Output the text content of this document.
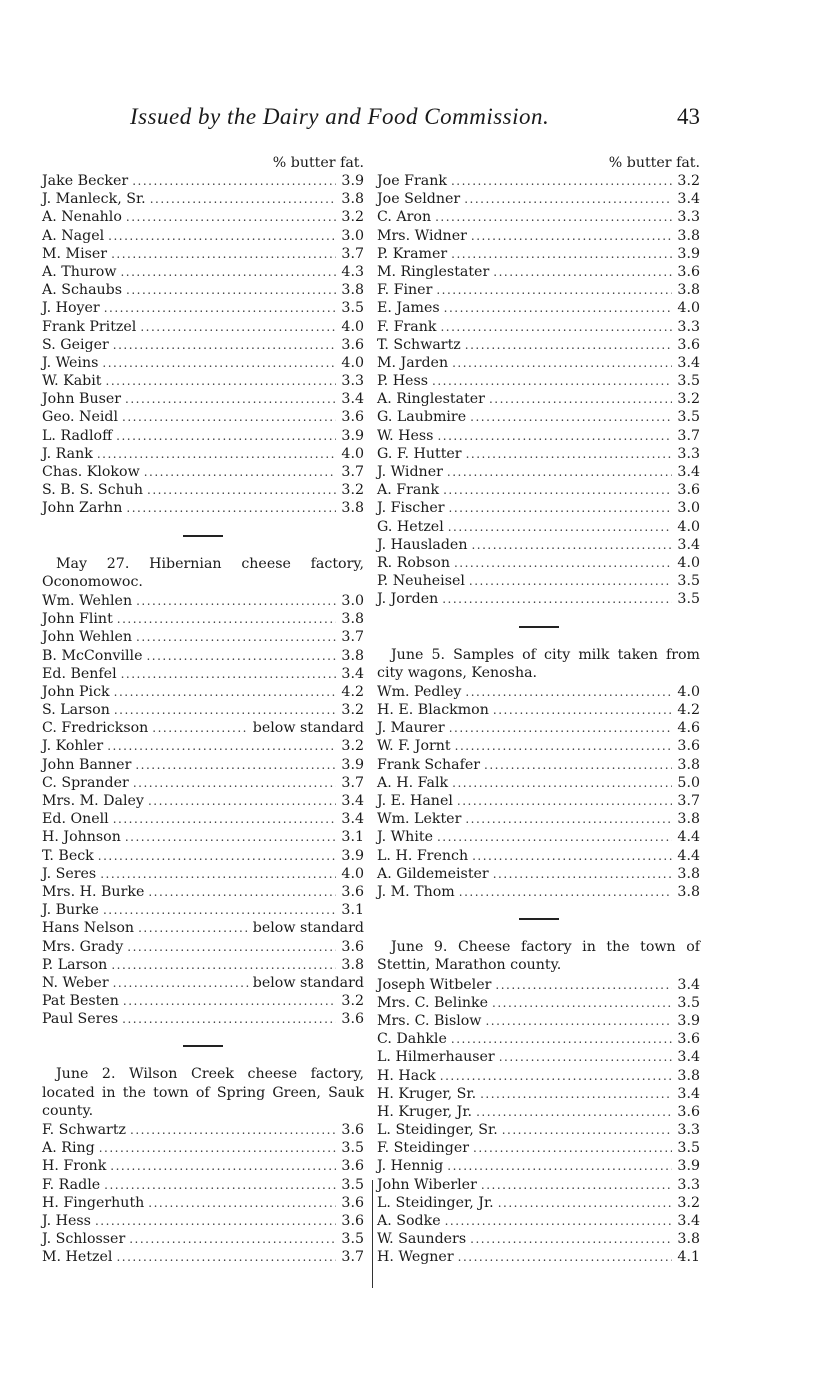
Issued by the Dairy and Food Commission.	43
% butter fat.
Jake Becker .....	3.9
J. Manleck, Sr. .....	3.8
A. Nenahlo .....	3.2
A. Nagel .....	3.0
M. Miser .....	3.7
A. Thurow .....	4.3
A. Schaubs .....	3.8
J. Hoyer .....	3.5
Frank Pritzel .....	4.0
S. Geiger .....	3.6
J. Weins .....	4.0
W. Kabit .....	3.3
John Buser .....	3.4
Geo. Neidl .....	3.6
L. Radloff .....	3.9
J. Rank .....	4.0
Chas. Klokow .....	3.7
S. B. S. Schuh .....	3.2
John Zarhn .....	3.8
May 27. Hibernian cheese factory, Oconomowoc.
Wm. Wehlen .....	3.0
John Flint .....	3.8
John Wehlen .....	3.7
B. McConville .....	3.8
Ed. Benfel .....	3.4
John Pick .....	4.2
S. Larson .....	3.2
C. Fredrickson .....	below standard
J. Kohler .....	3.2
John Banner .....	3.9
C. Sprander .....	3.7
Mrs. M. Daley .....	3.4
Ed. Onell .....	3.4
H. Johnson .....	3.1
T. Beck .....	3.9
J. Seres .....	4.0
Mrs. H. Burke .....	3.6
J. Burke .....	3.1
Hans Nelson .....	below standard
Mrs. Grady .....	3.6
P. Larson .....	3.8
N. Weber .....	below standard
Pat Besten .....	3.2
Paul Seres .....	3.6
June 2. Wilson Creek cheese factory, located in the town of Spring Green, Sauk county.
F. Schwartz .....	3.6
A. Ring .....	3.5
H. Fronk .....	3.6
F. Radle .....	3.5
H. Fingerhuth .....	3.6
J. Hess .....	3.6
J. Schlosser .....	3.5
M. Hetzel .....	3.7
% butter fat.
Joe Frank .....	3.2
Joe Seldner .....	3.4
C. Aron .....	3.3
Mrs. Widner .....	3.8
P. Kramer .....	3.9
M. Ringlestater .....	3.6
F. Finer .....	3.8
E. James .....	4.0
F. Frank .....	3.3
T. Schwartz .....	3.6
M. Jarden .....	3.4
P. Hess .....	3.5
A. Ringlestater .....	3.2
G. Laubmire .....	3.5
W. Hess .....	3.7
G. F. Hutter .....	3.3
J. Widner .....	3.4
A. Frank .....	3.6
J. Fischer .....	3.0
G. Hetzel .....	4.0
J. Hausladen .....	3.4
R. Robson .....	4.0
P. Neuheisel .....	3.5
J. Jorden .....	3.5
June 5. Samples of city milk taken from city wagons, Kenosha.
Wm. Pedley .....	4.0
H. E. Blackmon .....	4.2
J. Maurer .....	4.6
W. F. Jornt .....	3.6
Frank Schafer .....	3.8
A. H. Falk .....	5.0
J. E. Hanel .....	3.7
Wm. Lekter .....	3.8
J. White .....	4.4
L. H. French .....	4.4
A. Gildemeister .....	3.8
J. M. Thom .....	3.8
June 9. Cheese factory in the town of Stettin, Marathon county.
Joseph Witbeler .....	3.4
Mrs. C. Belinke .....	3.5
Mrs. C. Bislow .....	3.9
C. Dahkle .....	3.6
L. Hilmerhauser .....	3.4
H. Hack .....	3.8
H. Kruger, Sr. .....	3.4
H. Kruger, Jr. .....	3.6
L. Steidinger, Sr. .....	3.3
F. Steidinger .....	3.5
J. Hennig .....	3.9
John Wiberler .....	3.3
L. Steidinger, Jr. .....	3.2
A. Sodke .....	3.4
W. Saunders .....	3.8
H. Wegner .....	4.1
